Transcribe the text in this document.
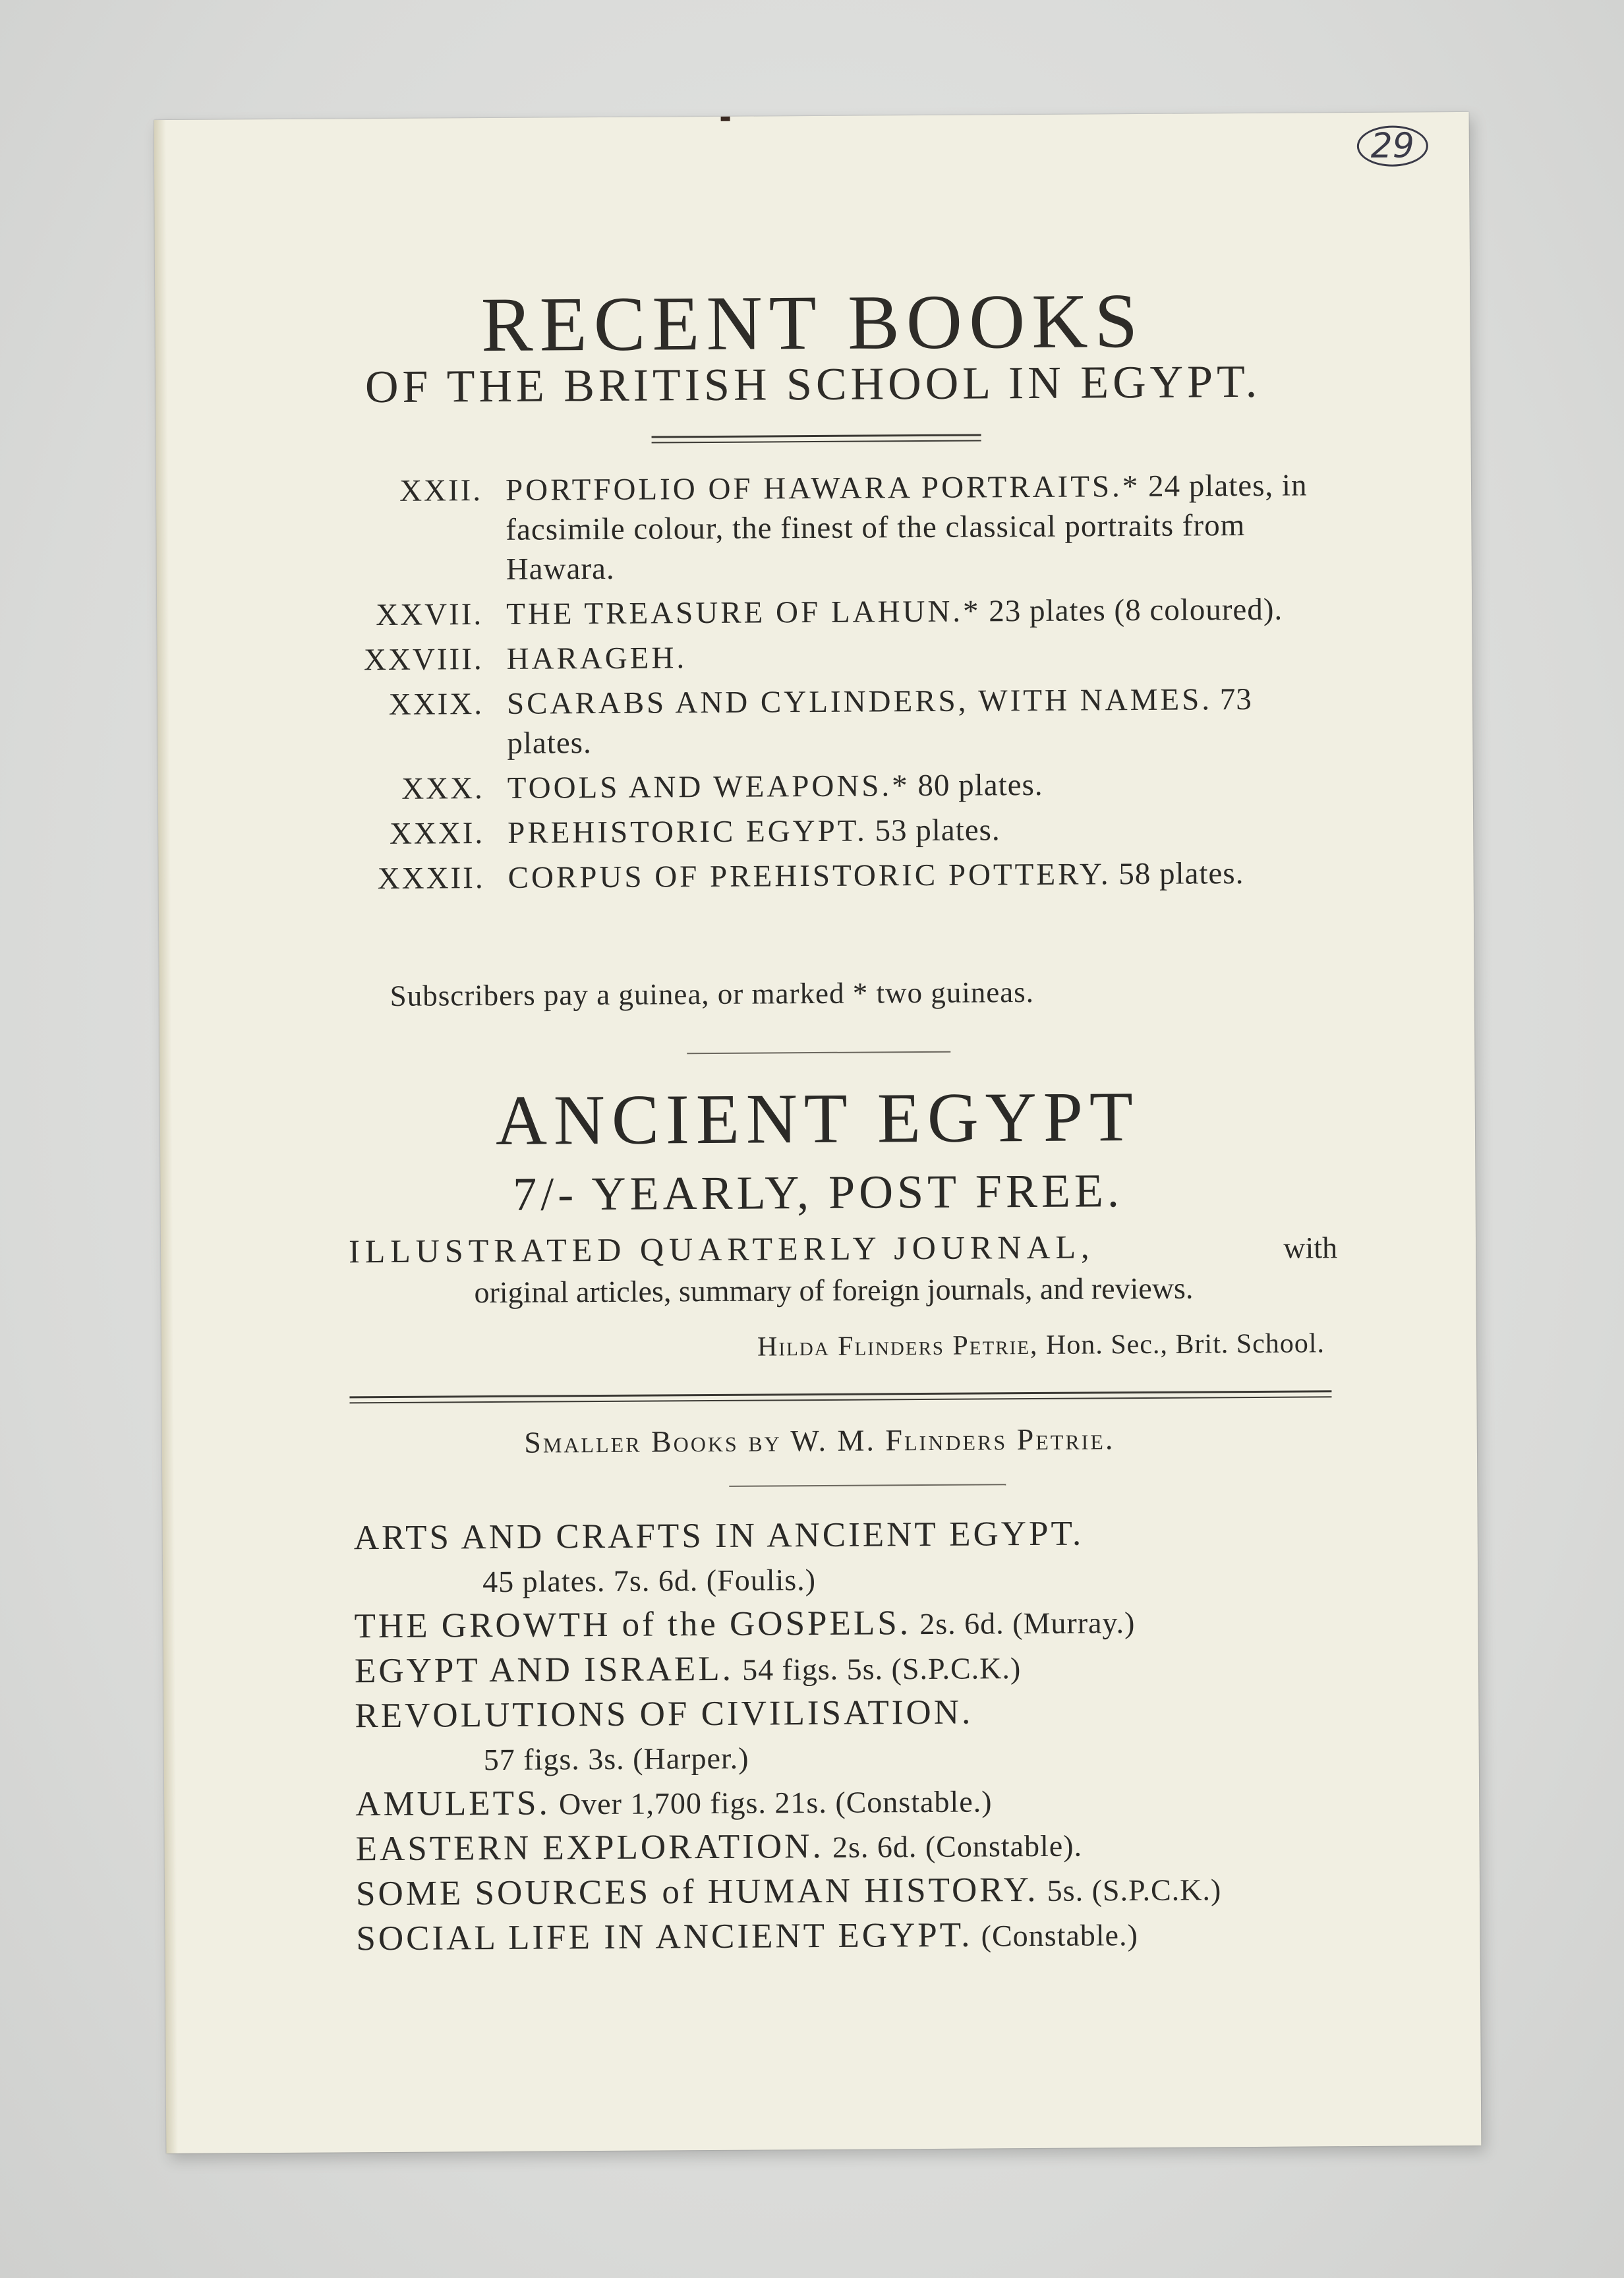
29
RECENT BOOKS
OF THE BRITISH SCHOOL IN EGYPT.
XXII. PORTFOLIO OF HAWARA PORTRAITS.* 24 plates, in facsimile colour, the finest of the classical portraits from Hawara.
XXVII. THE TREASURE OF LAHUN.* 23 plates (8 coloured).
XXVIII. HARAGEH.
XXIX. SCARABS AND CYLINDERS, WITH NAMES. 73 plates.
XXX. TOOLS AND WEAPONS.* 80 plates.
XXXI. PREHISTORIC EGYPT. 53 plates.
XXXII. CORPUS OF PREHISTORIC POTTERY. 58 plates.
Subscribers pay a guinea, or marked * two guineas.
ANCIENT EGYPT
7/- YEARLY, POST FREE.
ILLUSTRATED QUARTERLY JOURNAL,	with
original articles, summary of foreign journals, and reviews.
Hilda Flinders Petrie, Hon. Sec., Brit. School.
Smaller Books by W. M. Flinders Petrie.
ARTS AND CRAFTS IN ANCIENT EGYPT.
45 plates. 7s. 6d. (Foulis.)
THE GROWTH of the GOSPELS. 2s. 6d. (Murray.)
EGYPT AND ISRAEL. 54 figs. 5s. (S.P.C.K.)
REVOLUTIONS OF CIVILISATION.
57 figs. 3s. (Harper.)
AMULETS. Over 1,700 figs. 21s. (Constable.)
EASTERN EXPLORATION. 2s. 6d. (Constable).
SOME SOURCES of HUMAN HISTORY. 5s. (S.P.C.K.)
SOCIAL LIFE IN ANCIENT EGYPT. (Constable.)
